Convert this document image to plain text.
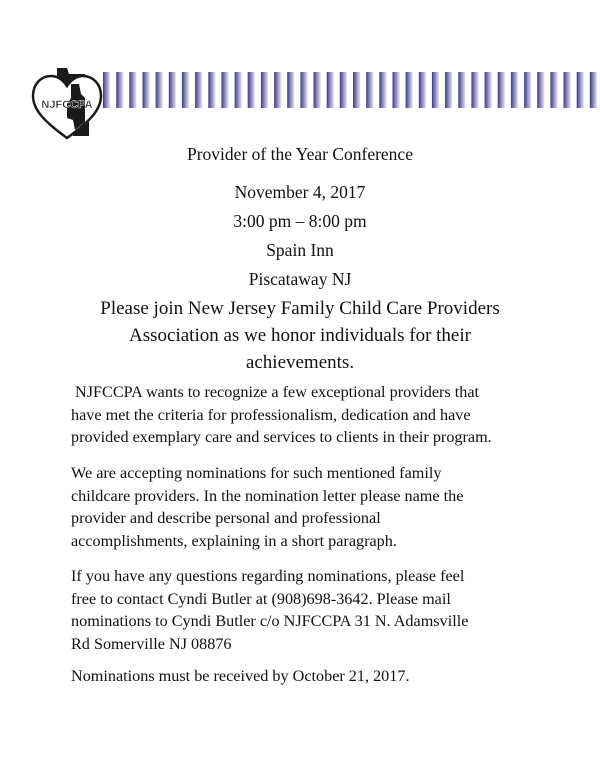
NJFCCPA
Provider of the Year Conference
November 4, 2017
3:00 pm – 8:00 pm
Spain Inn
Piscataway NJ
Please join New Jersey Family Child Care Providers
Association as we honor individuals for their
achievements.
NJFCCPA wants to recognize a few exceptional providers that
have met the criteria for professionalism, dedication and have
provided exemplary care and services to clients in their program.
We are accepting nominations for such mentioned family
childcare providers. In the nomination letter please name the
provider and describe personal and professional
accomplishments, explaining in a short paragraph.
If you have any questions regarding nominations, please feel
free to contact Cyndi Butler at (908)698-3642. Please mail
nominations to Cyndi Butler c/o NJFCCPA 31 N. Adamsville
Rd Somerville NJ 08876
Nominations must be received by October 21, 2017.
